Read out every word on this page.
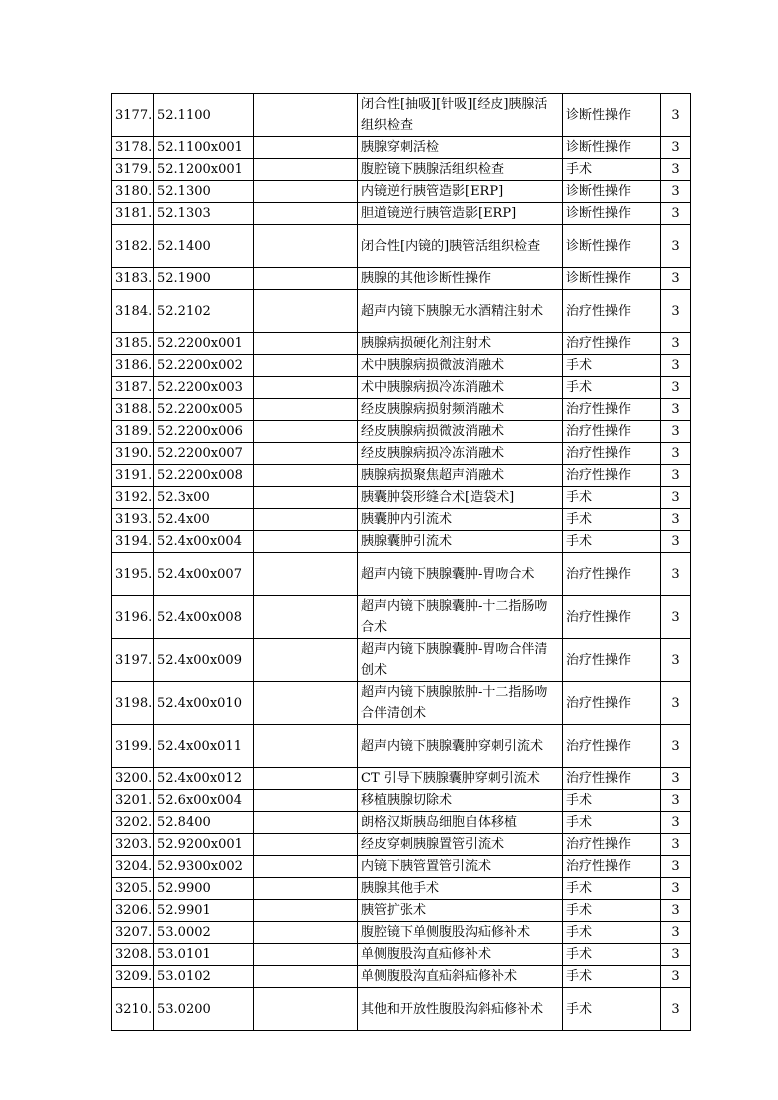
3177.	52.1100		闭合性[抽吸][针吸][经皮]胰腺活组织检查	诊断性操作	3
3178.	52.1100x001		胰腺穿刺活检	诊断性操作	3
3179.	52.1200x001		腹腔镜下胰腺活组织检查	手术	3
3180.	52.1300		内镜逆行胰管造影[ERP]	诊断性操作	3
3181.	52.1303		胆道镜逆行胰管造影[ERP]	诊断性操作	3
3182.	52.1400		闭合性[内镜的]胰管活组织检查	诊断性操作	3
3183.	52.1900		胰腺的其他诊断性操作	诊断性操作	3
3184.	52.2102		超声内镜下胰腺无水酒精注射术	治疗性操作	3
3185.	52.2200x001		胰腺病损硬化剂注射术	治疗性操作	3
3186.	52.2200x002		术中胰腺病损微波消融术	手术	3
3187.	52.2200x003		术中胰腺病损冷冻消融术	手术	3
3188.	52.2200x005		经皮胰腺病损射频消融术	治疗性操作	3
3189.	52.2200x006		经皮胰腺病损微波消融术	治疗性操作	3
3190.	52.2200x007		经皮胰腺病损冷冻消融术	治疗性操作	3
3191.	52.2200x008		胰腺病损聚焦超声消融术	治疗性操作	3
3192.	52.3x00		胰囊肿袋形缝合术[造袋术]	手术	3
3193.	52.4x00		胰囊肿内引流术	手术	3
3194.	52.4x00x004		胰腺囊肿引流术	手术	3
3195.	52.4x00x007		超声内镜下胰腺囊肿-胃吻合术	治疗性操作	3
3196.	52.4x00x008		超声内镜下胰腺囊肿-十二指肠吻合术	治疗性操作	3
3197.	52.4x00x009		超声内镜下胰腺囊肿-胃吻合伴清创术	治疗性操作	3
3198.	52.4x00x010		超声内镜下胰腺脓肿-十二指肠吻合伴清创术	治疗性操作	3
3199.	52.4x00x011		超声内镜下胰腺囊肿穿刺引流术	治疗性操作	3
3200.	52.4x00x012		CT 引导下胰腺囊肿穿刺引流术	治疗性操作	3
3201.	52.6x00x004		移植胰腺切除术	手术	3
3202.	52.8400		朗格汉斯胰岛细胞自体移植	手术	3
3203.	52.9200x001		经皮穿刺胰腺置管引流术	治疗性操作	3
3204.	52.9300x002		内镜下胰管置管引流术	治疗性操作	3
3205.	52.9900		胰腺其他手术	手术	3
3206.	52.9901		胰管扩张术	手术	3
3207.	53.0002		腹腔镜下单侧腹股沟疝修补术	手术	3
3208.	53.0101		单侧腹股沟直疝修补术	手术	3
3209.	53.0102		单侧腹股沟直疝斜疝修补术	手术	3
3210.	53.0200		其他和开放性腹股沟斜疝修补术	手术	3
